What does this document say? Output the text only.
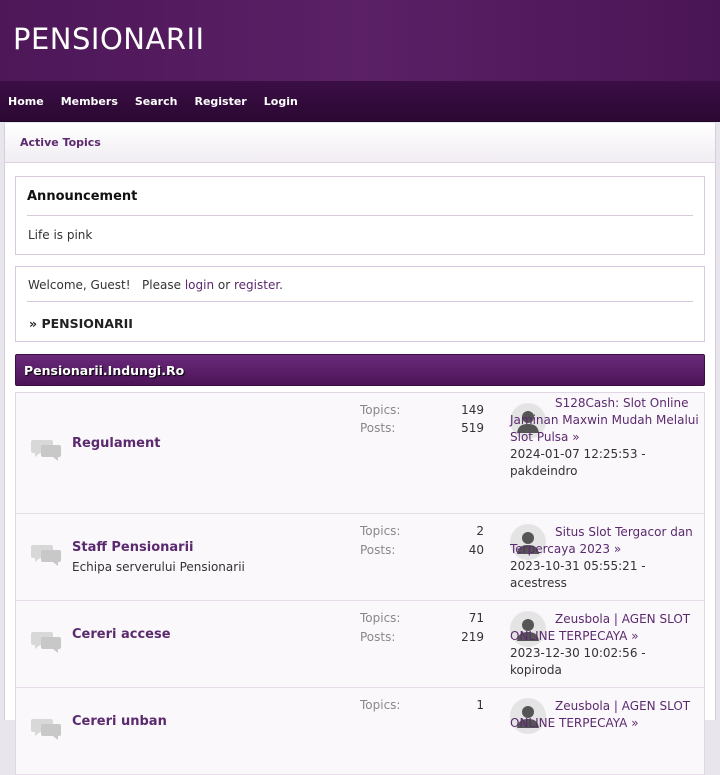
PENSIONARII
Home Members Search Register Login
Active Topics
Announcement
Life is pink
Welcome, Guest! Please login or register.
» PENSIONARII
Pensionarii.Indungi.Ro
Regulament
Topics:	149
Posts:	519
S128Cash: Slot Online Jaminan Maxwin Mudah Melalui Slot Pulsa »
2024-01-07 12:25:53 -
pakdeindro
Staff Pensionarii
Echipa serverului Pensionarii
Topics:	2
Posts:	40
Situs Slot Tergacor dan Terpercaya 2023 »
2023-10-31 05:55:21 -
acestress
Cereri accese
Topics:	71
Posts:	219
Zeusbola | AGEN SLOT ONLINE TERPECAYA »
2023-12-30 10:02:56 -
kopiroda
Cereri unban
Topics:	1	Zeusbola | AGEN SLOT ONLINE TERPECAYA »
